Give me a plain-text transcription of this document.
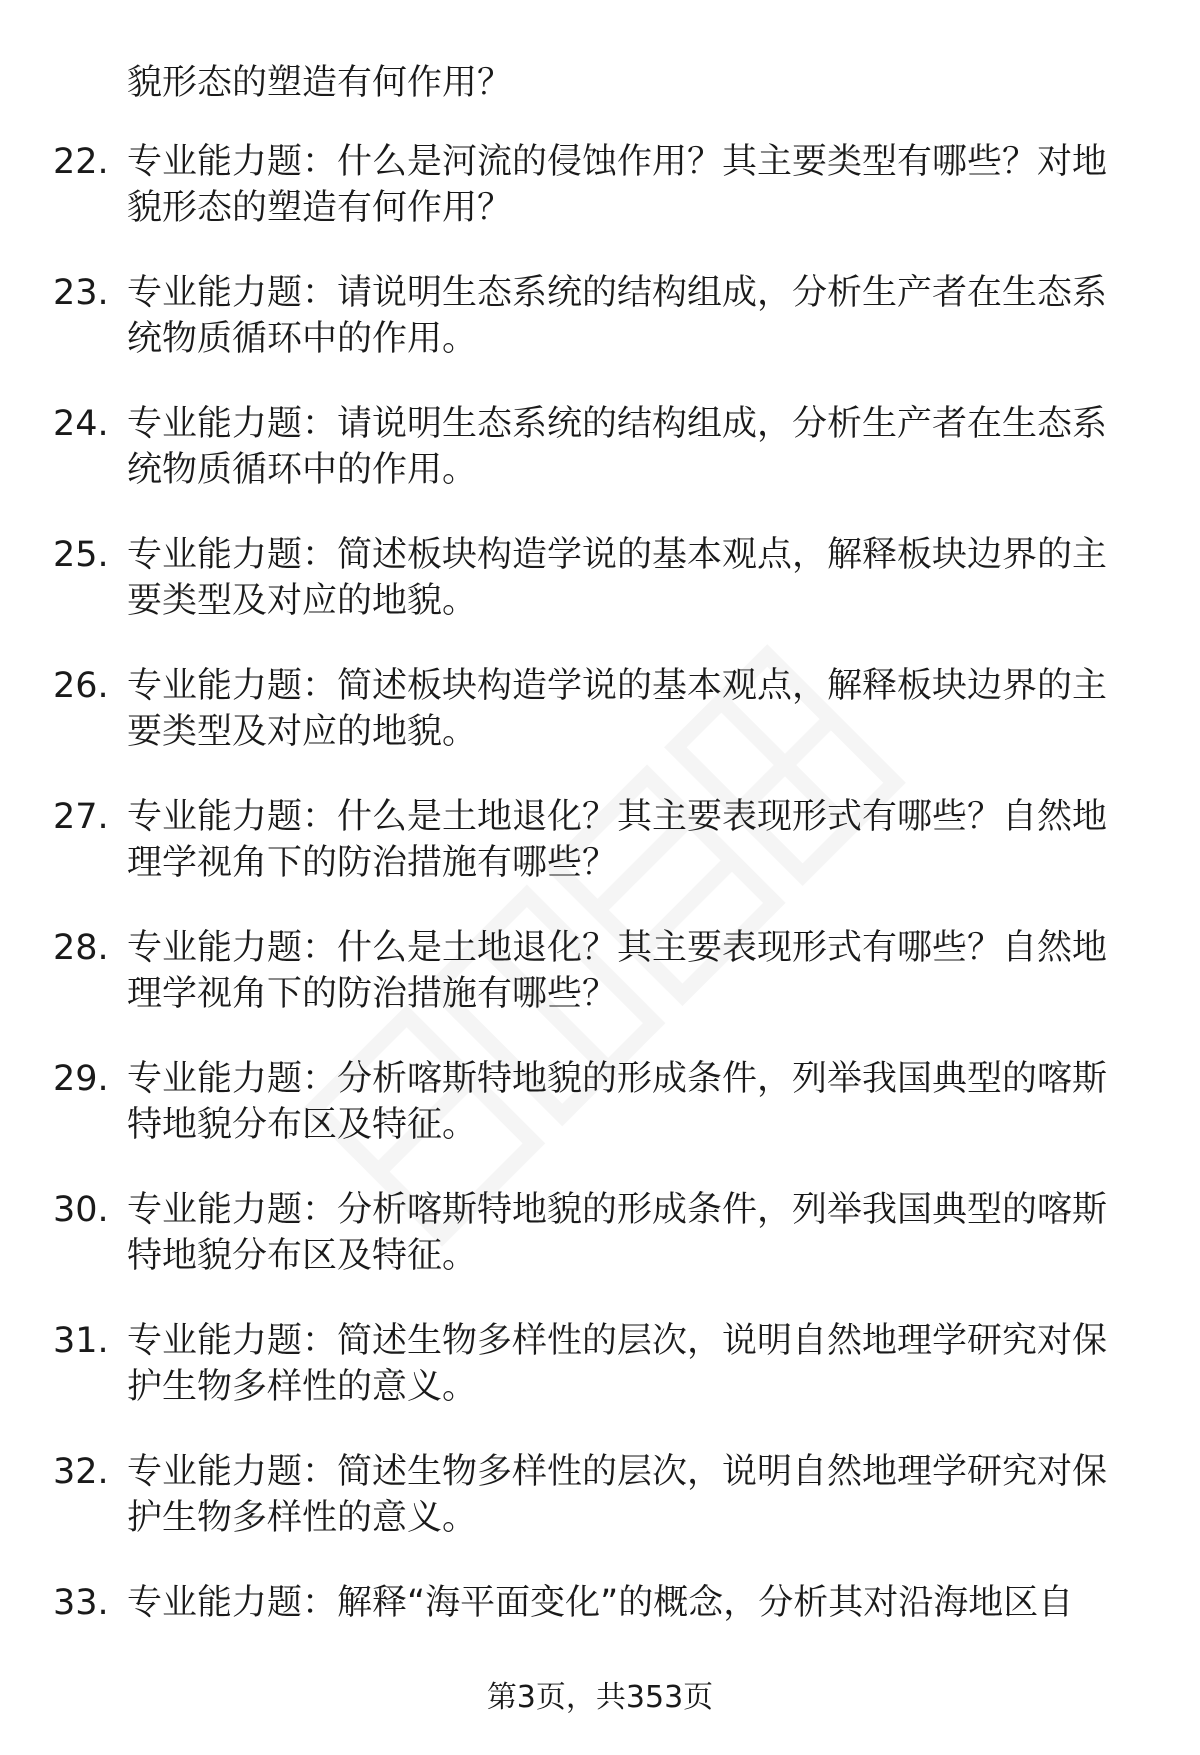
貌形态的塑造有何作用？
22. 专业能力题：什么是河流的侵蚀作用？其主要类型有哪些？对地
貌形态的塑造有何作用？
23. 专业能力题：请说明生态系统的结构组成，分析生产者在生态系
统物质循环中的作用。
24. 专业能力题：请说明生态系统的结构组成，分析生产者在生态系
统物质循环中的作用。
25. 专业能力题：简述板块构造学说的基本观点，解释板块边界的主
要类型及对应的地貌。
26. 专业能力题：简述板块构造学说的基本观点，解释板块边界的主
要类型及对应的地貌。
27. 专业能力题：什么是土地退化？其主要表现形式有哪些？自然地
理学视角下的防治措施有哪些？
28. 专业能力题：什么是土地退化？其主要表现形式有哪些？自然地
理学视角下的防治措施有哪些？
29. 专业能力题：分析喀斯特地貌的形成条件，列举我国典型的喀斯
特地貌分布区及特征。
30. 专业能力题：分析喀斯特地貌的形成条件，列举我国典型的喀斯
特地貌分布区及特征。
31. 专业能力题：简述生物多样性的层次，说明自然地理学研究对保
护生物多样性的意义。
32. 专业能力题：简述生物多样性的层次，说明自然地理学研究对保
护生物多样性的意义。
33. 专业能力题：解释“海平面变化”的概念，分析其对沿海地区自
第3页，共353页
